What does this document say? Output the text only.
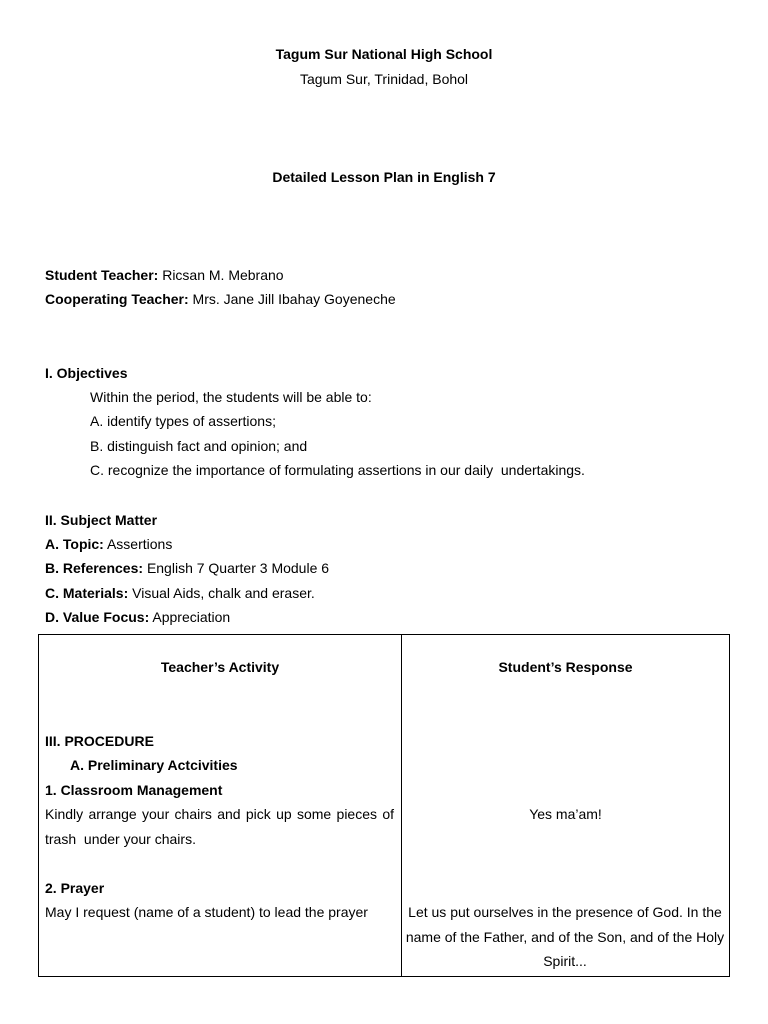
Tagum Sur National High School
Tagum Sur, Trinidad, Bohol
Detailed Lesson Plan in English 7
Student Teacher: Ricsan M. Mebrano
Cooperating Teacher: Mrs. Jane Jill Ibahay Goyeneche
I. Objectives
Within the period, the students will be able to:
A. identify types of assertions;
B. distinguish fact and opinion; and
C. recognize the importance of formulating assertions in our daily  undertakings.
II. Subject Matter
A. Topic: Assertions
B. References: English 7 Quarter 3 Module 6
C. Materials: Visual Aids, chalk and eraser.
D. Value Focus: Appreciation
Teacher’s Activity	Student’s Response
III. PROCEDURE
A. Preliminary Actcivities
1. Classroom Management
Kindly arrange your chairs and pick up some pieces of trash  under your chairs.
Yes ma’am!
2. Prayer
May I request (name of a student) to lead the prayer	Let us put ourselves in the presence of God. In the name of the Father, and of the Son, and of the Holy Spirit...
